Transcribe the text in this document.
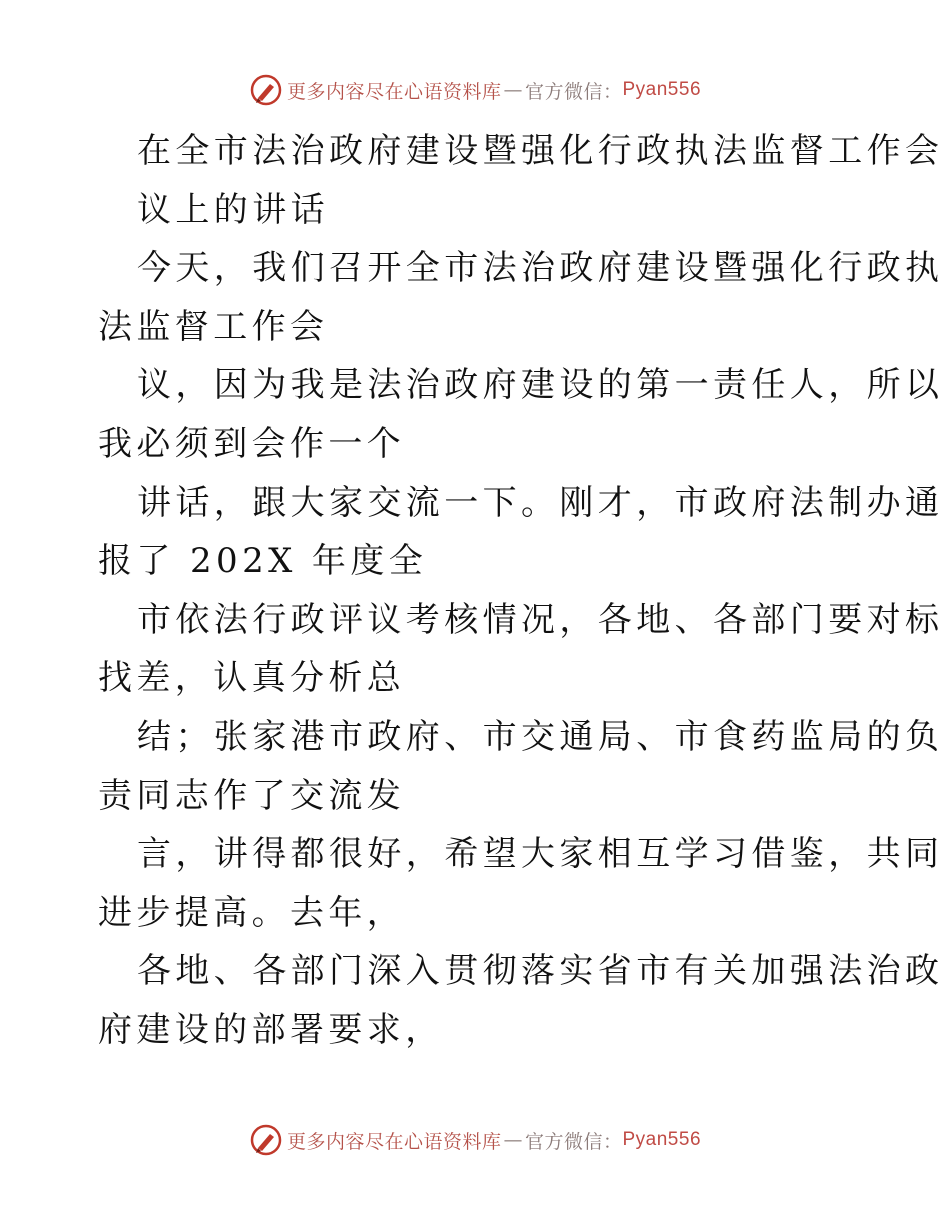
更多内容尽在心语资料库 — 官方微信： Pyan556
在全市法治政府建设暨强化行政执法监督工作会
议上的讲话
今天，我们召开全市法治政府建设暨强化行政执
法监督工作会
议，因为我是法治政府建设的第一责任人，所以
我必须到会作一个
讲话，跟大家交流一下。刚才，市政府法制办通
报了 202X 年度全
市依法行政评议考核情况，各地、各部门要对标
找差，认真分析总
结；张家港市政府、市交通局、市食药监局的负
责同志作了交流发
言，讲得都很好，希望大家相互学习借鉴，共同
进步提高。去年，
各地、各部门深入贯彻落实省市有关加强法治政
府建设的部署要求，
更多内容尽在心语资料库 — 官方微信： Pyan556
